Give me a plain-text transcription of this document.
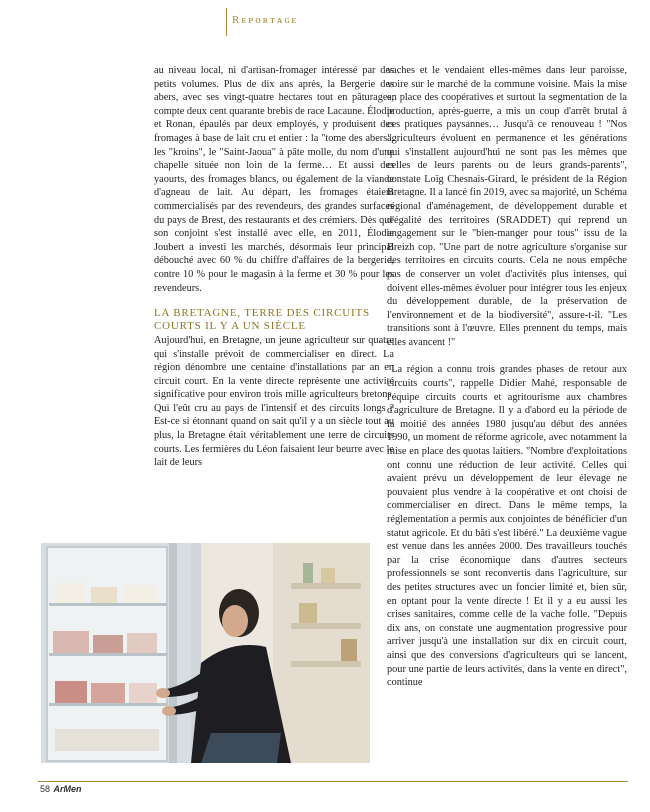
Rᴇᴘᴏʀᴛᴀɢᴇ

au niveau local, ni d'artisan-fromager intéressé par des petits volumes. Plus de dix ans après, la Bergerie des abers, avec ses vingt-quatre hectares tout en pâturages, compte deux cent quarante brebis de race Lacaune. Élodie et Ronan, épaulés par deux employés, y produisent des fromages à base de lait cru et entier : la "tome des abers", les "kroins", le "Saint-Jaoua" à pâte molle, du nom d'une chapelle située non loin de la ferme… Et aussi des yaourts, des fromages blancs, ou également de la viande d'agneau de lait. Au départ, les fromages étaient commercialisés par des revendeurs, des grandes surfaces du pays de Brest, des restaurants et des crémiers. Dès que son conjoint s'est installé avec elle, en 2011, Élodie Joubert a investi les marchés, désormais leur principal débouché avec 60 % du chiffre d'affaires de la bergerie, contre 10 % pour le magasin à la ferme et 30 % pour les revendeurs.

LA BRETAGNE, TERRE DES CIRCUITS COURTS IL Y A UN SIÈCLE

Aujourd'hui, en Bretagne, un jeune agriculteur sur quatre qui s'installe prévoit de commercialiser en direct. La région dénombre une centaine d'installations par an en circuit court. En la vente directe représente une activité significative pour environ trois mille agriculteurs bretons. Qui l'eût cru au pays de l'intensif et des circuits longs ? Est-ce si étonnant quand on sait qu'il y a un siècle tout au plus, la Bretagne était véritablement une terre de circuits courts. Les fermières du Léon faisaient leur beurre avec le lait de leurs

vaches et le vendaient elles-mêmes dans leur paroisse, voire sur le marché de la commune voisine. Mais la mise en place des coopératives et surtout la segmentation de la production, après-guerre, a mis un coup d'arrêt brutal à ces pratiques paysannes… Jusqu'à ce renouveau ! "Nos agriculteurs évoluent en permanence et les générations qui s'installent aujourd'hui ne sont pas les mêmes que celles de leurs parents ou de leurs grands-parents", constate Loïg Chesnais-Girard, le président de la Région Bretagne. Il a lancé fin 2019, avec sa majorité, un Schéma régional d'aménagement, de développement durable et d'égalité des territoires (SRADDET) qui reprend un engagement sur le "bien-manger pour tous" issu de la Breizh cop. "Une part de notre agriculture s'organise sur des territoires en circuits courts. Cela ne nous empêche pas de conserver un volet d'activités plus intenses, qui doivent elles-mêmes évoluer pour intégrer tous les enjeux du développement durable, de la préservation de l'environnement et de la biodiversité", assure-t-il. "Les transitions sont à l'œuvre. Elles prennent du temps, mais elles avancent !"

"La région a connu trois grandes phases de retour aux circuits courts", rappelle Didier Mahé, responsable de l'équipe circuits courts et agritourisme aux chambres d'agriculture de Bretagne. Il y a d'abord eu la période de la moitié des années 1980 jusqu'au début des années 1990, un moment de réforme agricole, avec notamment la mise en place des quotas laitiers. "Nombre d'exploitations ont connu une réduction de leur activité. Celles qui avaient prévu un développement de leur élevage ne pouvaient plus vendre à la coopérative et ont choisi de commercialiser en direct. Dans le même temps, la réglementation a permis aux conjointes de bénéficier d'un statut agricole. Et du bâti s'est libéré." La deuxième vague est venue dans les années 2000. Des travailleurs touchés par la crise économique dans d'autres secteurs professionnels se sont reconvertis dans l'agriculture, sur des petites structures avec un foncier limité et, bien sûr, en optant pour la vente directe ! Et il y a eu aussi les crises sanitaires, comme celle de la vache folle. "Depuis dix ans, on constate une augmentation progressive pour arriver jusqu'à une installation sur dix en circuit court, ainsi que des conversions d'agriculteurs qui se lancent, pour une partie de leurs activités, dans la vente en direct", continue

58 ArMen
